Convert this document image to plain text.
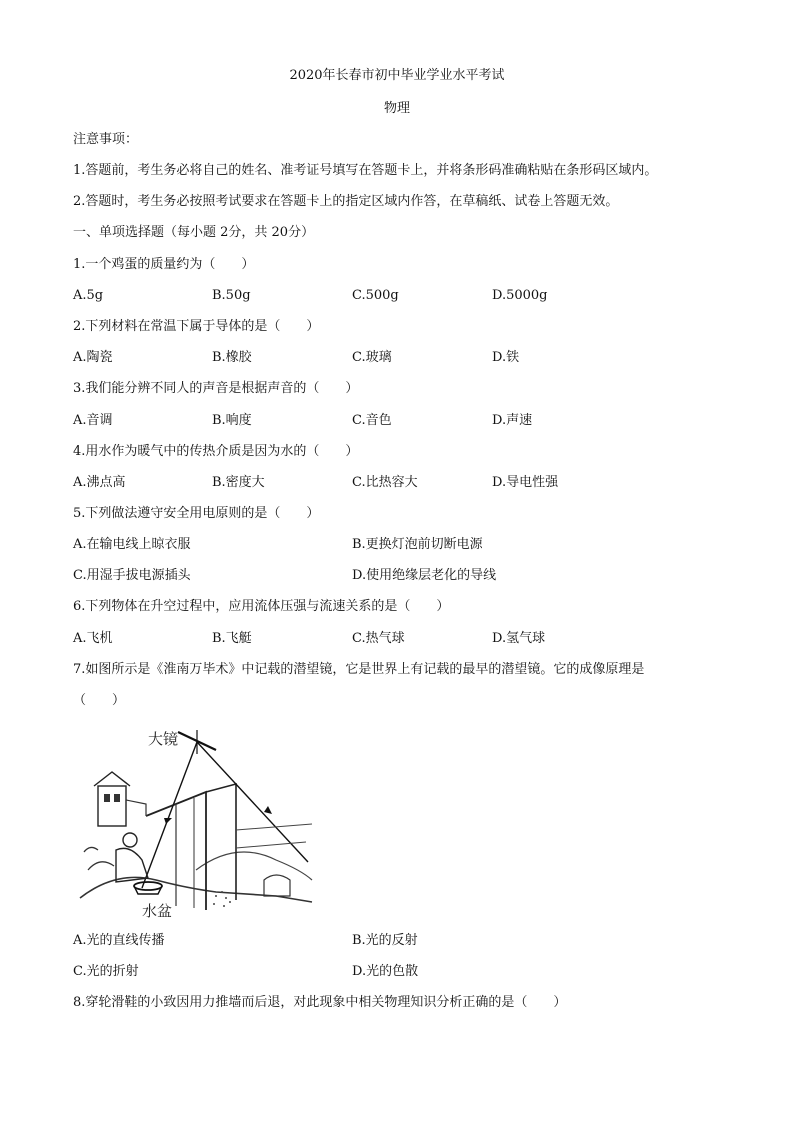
2020年长春市初中毕业学业水平考试
物理
注意事项：
1.答题前，考生务必将自己的姓名、准考证号填写在答题卡上，并将条形码准确粘贴在条形码区域内。
2.答题时，考生务必按照考试要求在答题卡上的指定区域内作答，在草稿纸、试卷上答题无效。
一、单项选择题（每小题 2分，共 20分）
1.一个鸡蛋的质量约为（　　）
A.5g	B.50g	C.500g	D.5000g
2.下列材料在常温下属于导体的是（　　）
A.陶瓷	B.橡胶	C.玻璃	D.铁
3.我们能分辨不同人的声音是根据声音的（　　）
A.音调	B.响度	C.音色	D.声速
4.用水作为暖气中的传热介质是因为水的（　　）
A.沸点高	B.密度大	C.比热容大	D.导电性强
5.下列做法遵守安全用电原则的是（　　）
A.在输电线上晾衣服	B.更换灯泡前切断电源
C.用湿手拔电源插头	D.使用绝缘层老化的导线
6.下列物体在升空过程中，应用流体压强与流速关系的是（　　）
A.飞机	B.飞艇	C.热气球	D.氢气球
7.如图所示是《淮南万毕术》中记载的潜望镜，它是世界上有记载的最早的潜望镜。它的成像原理是
（　　）
大镜
水盆
A.光的直线传播	B.光的反射
C.光的折射	D.光的色散
8.穿轮滑鞋的小致因用力推墙而后退，对此现象中相关物理知识分析正确的是（　　）
